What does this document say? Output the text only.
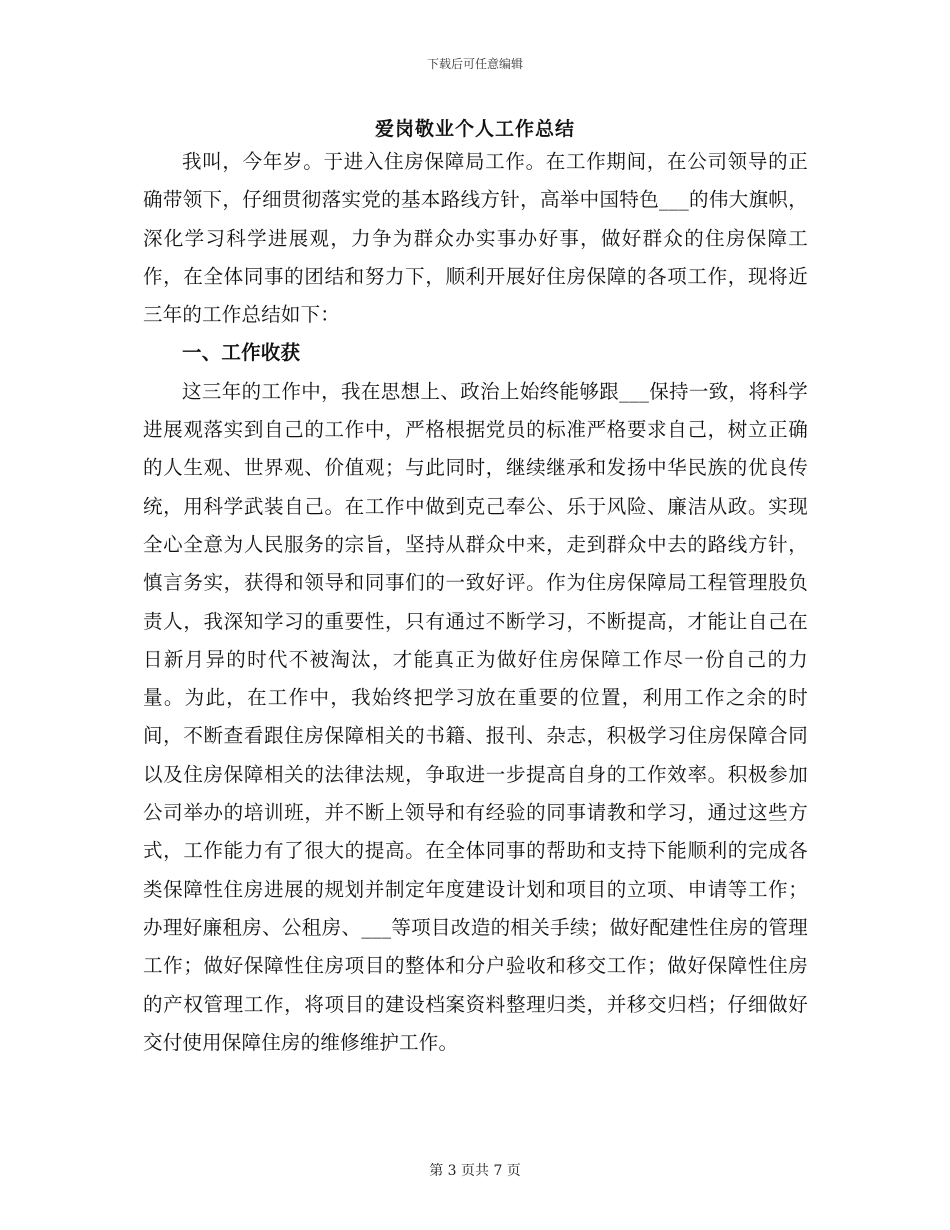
下载后可任意编辑
爱岗敬业个人工作总结

我叫，今年岁。于进入住房保障局工作。在工作期间，在公司领导的正确带领下，仔细贯彻落实党的基本路线方针，高举中国特色___的伟大旗帜，深化学习科学进展观，力争为群众办实事办好事，做好群众的住房保障工作，在全体同事的团结和努力下，顺利开展好住房保障的各项工作，现将近三年的工作总结如下：

一、工作收获

这三年的工作中，我在思想上、政治上始终能够跟___保持一致，将科学进展观落实到自己的工作中，严格根据党员的标准严格要求自己，树立正确的人生观、世界观、价值观；与此同时，继续继承和发扬中华民族的优良传统，用科学武装自己。在工作中做到克己奉公、乐于风险、廉洁从政。实现全心全意为人民服务的宗旨，坚持从群众中来，走到群众中去的路线方针，慎言务实，获得和领导和同事们的一致好评。作为住房保障局工程管理股负责人，我深知学习的重要性，只有通过不断学习，不断提高，才能让自己在日新月异的时代不被淘汰，才能真正为做好住房保障工作尽一份自己的力量。为此，在工作中，我始终把学习放在重要的位置，利用工作之余的时间，不断查看跟住房保障相关的书籍、报刊、杂志，积极学习住房保障合同以及住房保障相关的法律法规，争取进一步提高自身的工作效率。积极参加公司举办的培训班，并不断上领导和有经验的同事请教和学习，通过这些方式，工作能力有了很大的提高。在全体同事的帮助和支持下能顺利的完成各类保障性住房进展的规划并制定年度建设计划和项目的立项、申请等工作；办理好廉租房、公租房、___等项目改造的相关手续；做好配建性住房的管理工作；做好保障性住房项目的整体和分户验收和移交工作；做好保障性住房的产权管理工作，将项目的建设档案资料整理归类，并移交归档；仔细做好交付使用保障住房的维修维护工作。

第 3 页共 7 页
